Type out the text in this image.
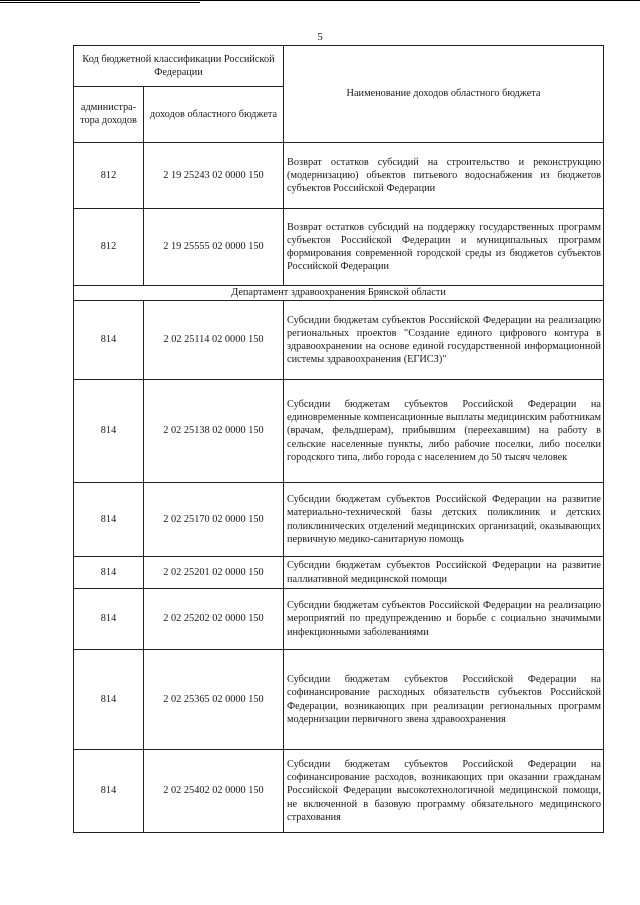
5
Код бюджетной классификации Российской Федерации		Наименование доходов областного бюджета
администра-тора доходов	доходов областного бюджета	
812	2 19 25243 02 0000 150	Возврат остатков субсидий на строительство и реконструкцию (модернизацию) объектов питьевого водоснабжения из бюджетов субъектов Российской Федерации
812	2 19 25555 02 0000 150	Возврат остатков субсидий на поддержку государственных программ субъектов Российской Федерации и муниципальных программ формирования современной городской среды из бюджетов субъектов Российской Федерации
Департамент здравоохранения Брянской области		
814	2 02 25114 02 0000 150	Субсидии бюджетам субъектов Российской Федерации на реализацию региональных проектов "Создание единого цифрового контура в здравоохранении на основе единой государственной информационной системы здравоохранения (ЕГИСЗ)"
814	2 02 25138 02 0000 150	Субсидии бюджетам субъектов Российской Федерации на единовременные компенсационные выплаты медицинским работникам (врачам, фельдшерам), прибывшим (переехавшим) на работу в сельские населенные пункты, либо рабочие поселки, либо поселки городского типа, либо города с населением до 50 тысяч человек
814	2 02 25170 02 0000 150	Субсидии бюджетам субъектов Российской Федерации на развитие материально-технической базы детских поликлиник и детских поликлинических отделений медицинских организаций, оказывающих первичную медико-санитарную помощь
814	2 02 25201 02 0000 150	Субсидии бюджетам субъектов Российской Федерации на развитие паллиативной медицинской помощи
814	2 02 25202 02 0000 150	Субсидии бюджетам субъектов Российской Федерации на реализацию мероприятий по предупреждению и борьбе с социально значимыми инфекционными заболеваниями
814	2 02 25365 02 0000 150	Субсидии бюджетам субъектов Российской Федерации на софинансирование расходных обязательств субъектов Российской Федерации, возникающих при реализации региональных программ модернизации первичного звена здравоохранения
814	2 02 25402 02 0000 150	Субсидии бюджетам субъектов Российской Федерации на софинансирование расходов, возникающих при оказании гражданам Российской Федерации высокотехнологичной медицинской помощи, не включенной в базовую программу обязательного медицинского страхования
